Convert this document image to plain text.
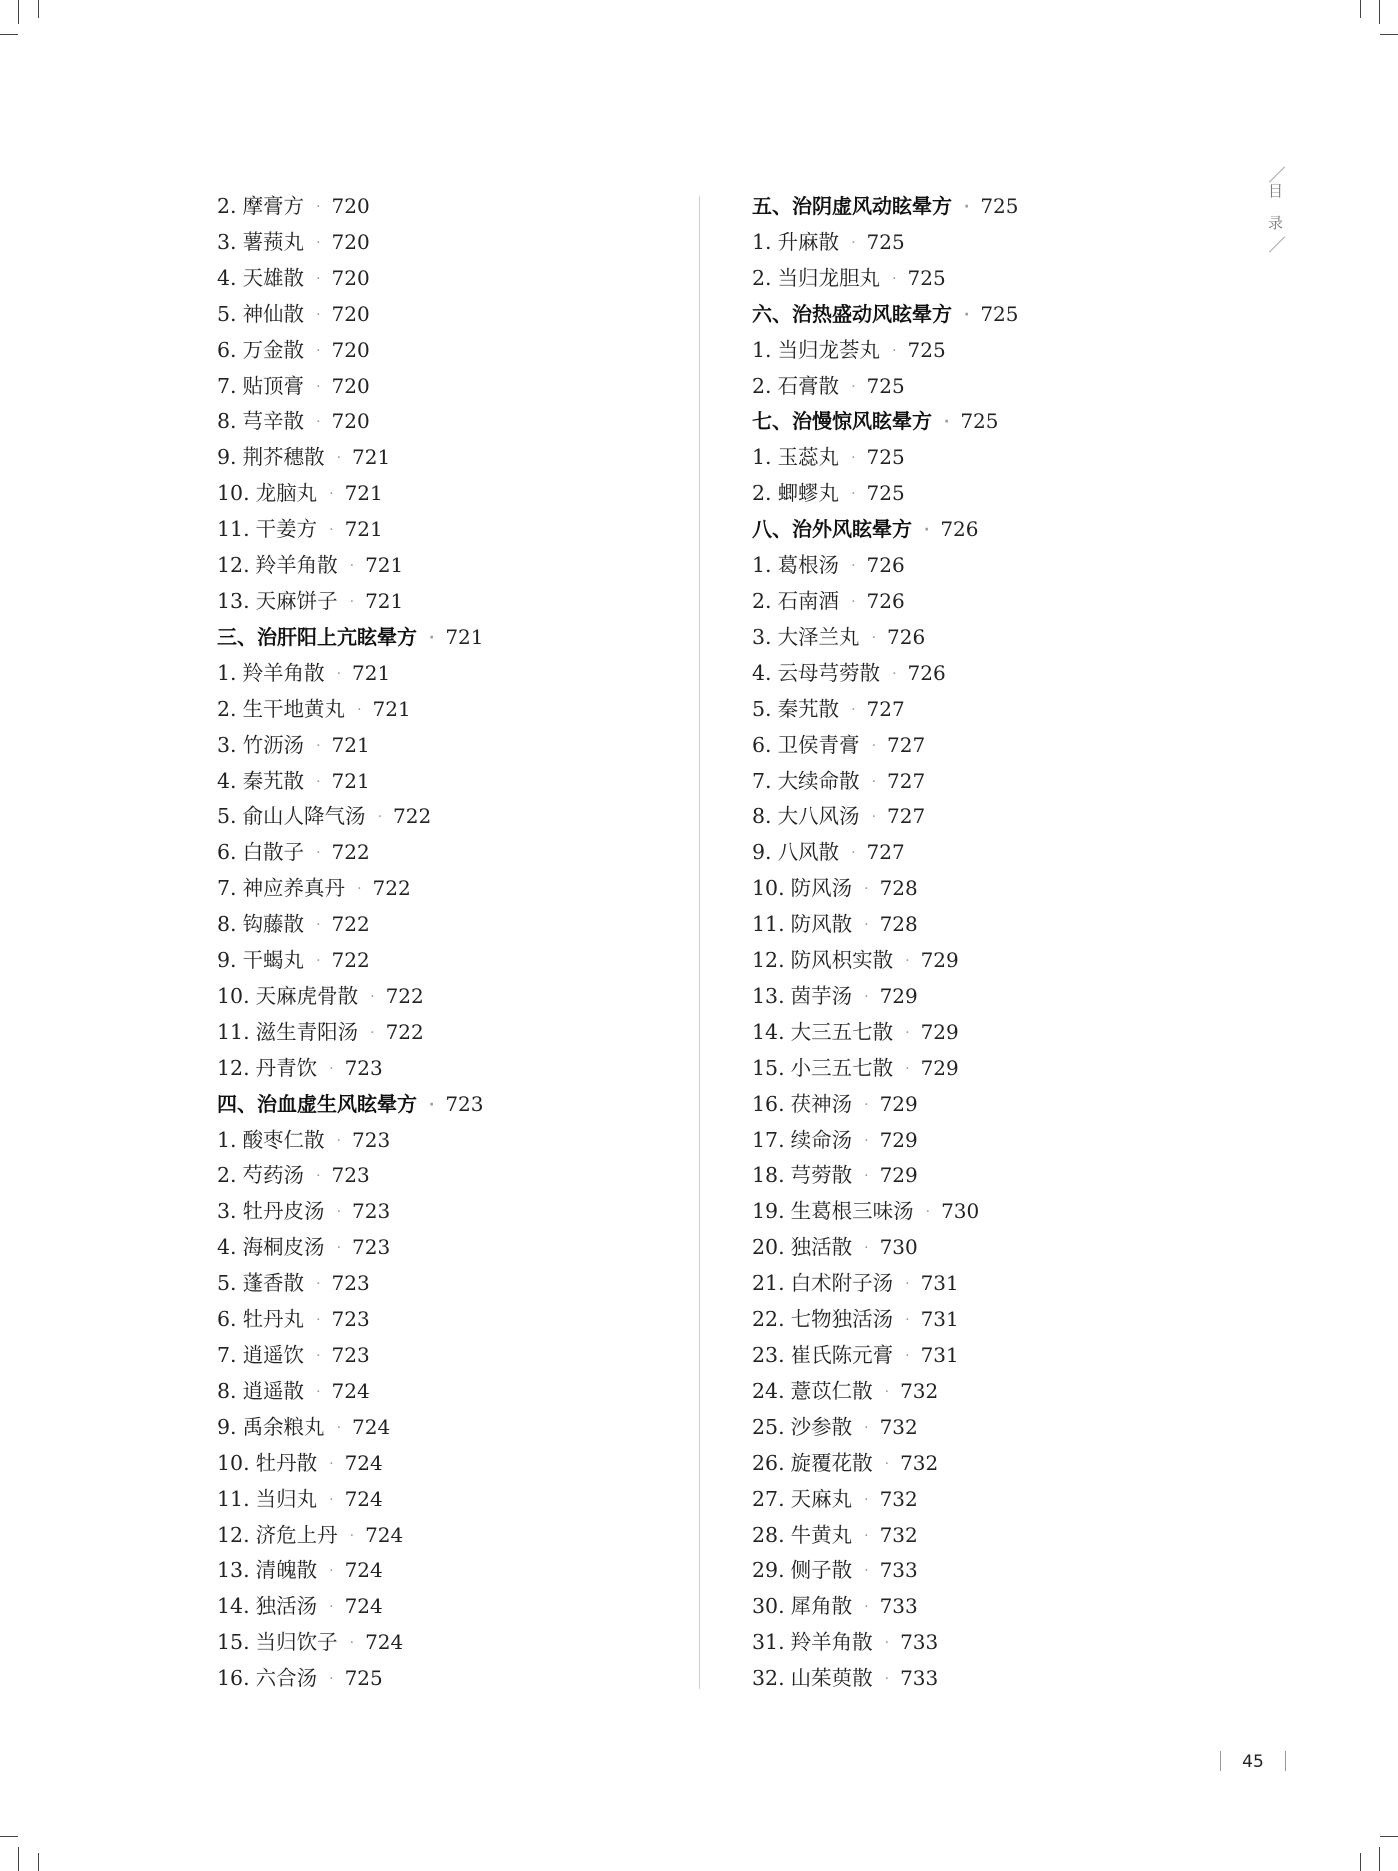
2. 摩膏方 · 720
3. 薯蓣丸 · 720
4. 天雄散 · 720
5. 神仙散 · 720
6. 万金散 · 720
7. 贴顶膏 · 720
8. 芎辛散 · 720
9. 荆芥穗散 · 721
10. 龙脑丸 · 721
11. 干姜方 · 721
12. 羚羊角散 · 721
13. 天麻饼子 · 721
三、治肝阳上亢眩晕方 · 721
1. 羚羊角散 · 721
2. 生干地黄丸 · 721
3. 竹沥汤 · 721
4. 秦艽散 · 721
5. 俞山人降气汤 · 722
6. 白散子 · 722
7. 神应养真丹 · 722
8. 钩藤散 · 722
9. 干蝎丸 · 722
10. 天麻虎骨散 · 722
11. 滋生青阳汤 · 722
12. 丹青饮 · 723
四、治血虚生风眩晕方 · 723
1. 酸枣仁散 · 723
2. 芍药汤 · 723
3. 牡丹皮汤 · 723
4. 海桐皮汤 · 723
5. 蓬香散 · 723
6. 牡丹丸 · 723
7. 逍遥饮 · 723
8. 逍遥散 · 724
9. 禹余粮丸 · 724
10. 牡丹散 · 724
11. 当归丸 · 724
12. 济危上丹 · 724
13. 清魄散 · 724
14. 独活汤 · 724
15. 当归饮子 · 724
16. 六合汤 · 725
五、治阴虚风动眩晕方 · 725
1. 升麻散 · 725
2. 当归龙胆丸 · 725
六、治热盛动风眩晕方 · 725
1. 当归龙荟丸 · 725
2. 石膏散 · 725
七、治慢惊风眩晕方 · 725
1. 玉蕊丸 · 725
2. 蝍蟉丸 · 725
八、治外风眩晕方 · 726
1. 葛根汤 · 726
2. 石南酒 · 726
3. 大泽兰丸 · 726
4. 云母芎䓖散 · 726
5. 秦艽散 · 727
6. 卫侯青膏 · 727
7. 大续命散 · 727
8. 大八风汤 · 727
9. 八风散 · 727
10. 防风汤 · 728
11. 防风散 · 728
12. 防风枳实散 · 729
13. 茵芋汤 · 729
14. 大三五七散 · 729
15. 小三五七散 · 729
16. 茯神汤 · 729
17. 续命汤 · 729
18. 芎䓖散 · 729
19. 生葛根三味汤 · 730
20. 独活散 · 730
21. 白术附子汤 · 731
22. 七物独活汤 · 731
23. 崔氏陈元膏 · 731
24. 薏苡仁散 · 732
25. 沙参散 · 732
26. 旋覆花散 · 732
27. 天麻丸 · 732
28. 牛黄丸 · 732
29. 侧子散 · 733
30. 犀角散 · 733
31. 羚羊角散 · 733
32. 山茱萸散 · 733
目
录
45
